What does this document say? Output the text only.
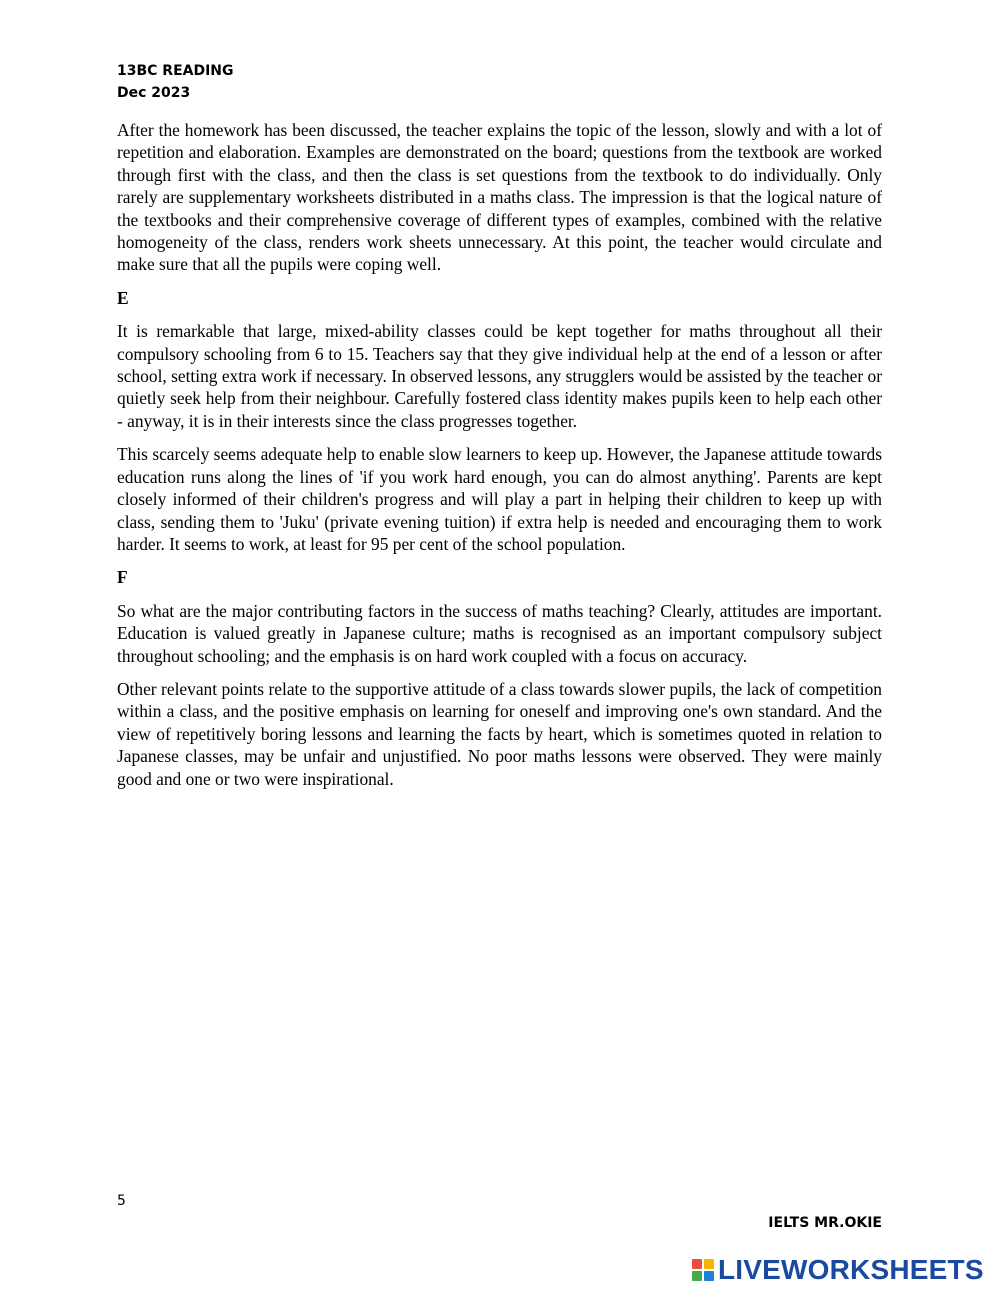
13BC READING
Dec 2023

After the homework has been discussed, the teacher explains the topic of the lesson, slowly and with a lot of repetition and elaboration. Examples are demonstrated on the board; questions from the textbook are worked through first with the class, and then the class is set questions from the textbook to do individually. Only rarely are supplementary worksheets distributed in a maths class. The impression is that the logical nature of the textbooks and their comprehensive coverage of different types of examples, combined with the relative homogeneity of the class, renders work sheets unnecessary. At this point, the teacher would circulate and make sure that all the pupils were coping well.

E

It is remarkable that large, mixed-ability classes could be kept together for maths throughout all their compulsory schooling from 6 to 15. Teachers say that they give individual help at the end of a lesson or after school, setting extra work if necessary. In observed lessons, any strugglers would be assisted by the teacher or quietly seek help from their neighbour. Carefully fostered class identity makes pupils keen to help each other - anyway, it is in their interests since the class progresses together.

This scarcely seems adequate help to enable slow learners to keep up. However, the Japanese attitude towards education runs along the lines of 'if you work hard enough, you can do almost anything'. Parents are kept closely informed of their children's progress and will play a part in helping their children to keep up with class, sending them to 'Juku' (private evening tuition) if extra help is needed and encouraging them to work harder. It seems to work, at least for 95 per cent of the school population.

F

So what are the major contributing factors in the success of maths teaching? Clearly, attitudes are important. Education is valued greatly in Japanese culture; maths is recognised as an important compulsory subject throughout schooling; and the emphasis is on hard work coupled with a focus on accuracy.

Other relevant points relate to the supportive attitude of a class towards slower pupils, the lack of competition within a class, and the positive emphasis on learning for oneself and improving one's own standard. And the view of repetitively boring lessons and learning the facts by heart, which is sometimes quoted in relation to Japanese classes, may be unfair and unjustified. No poor maths lessons were observed. They were mainly good and one or two were inspirational.

5
IELTS MR.OKIE
LIVEWORKSHEETS
